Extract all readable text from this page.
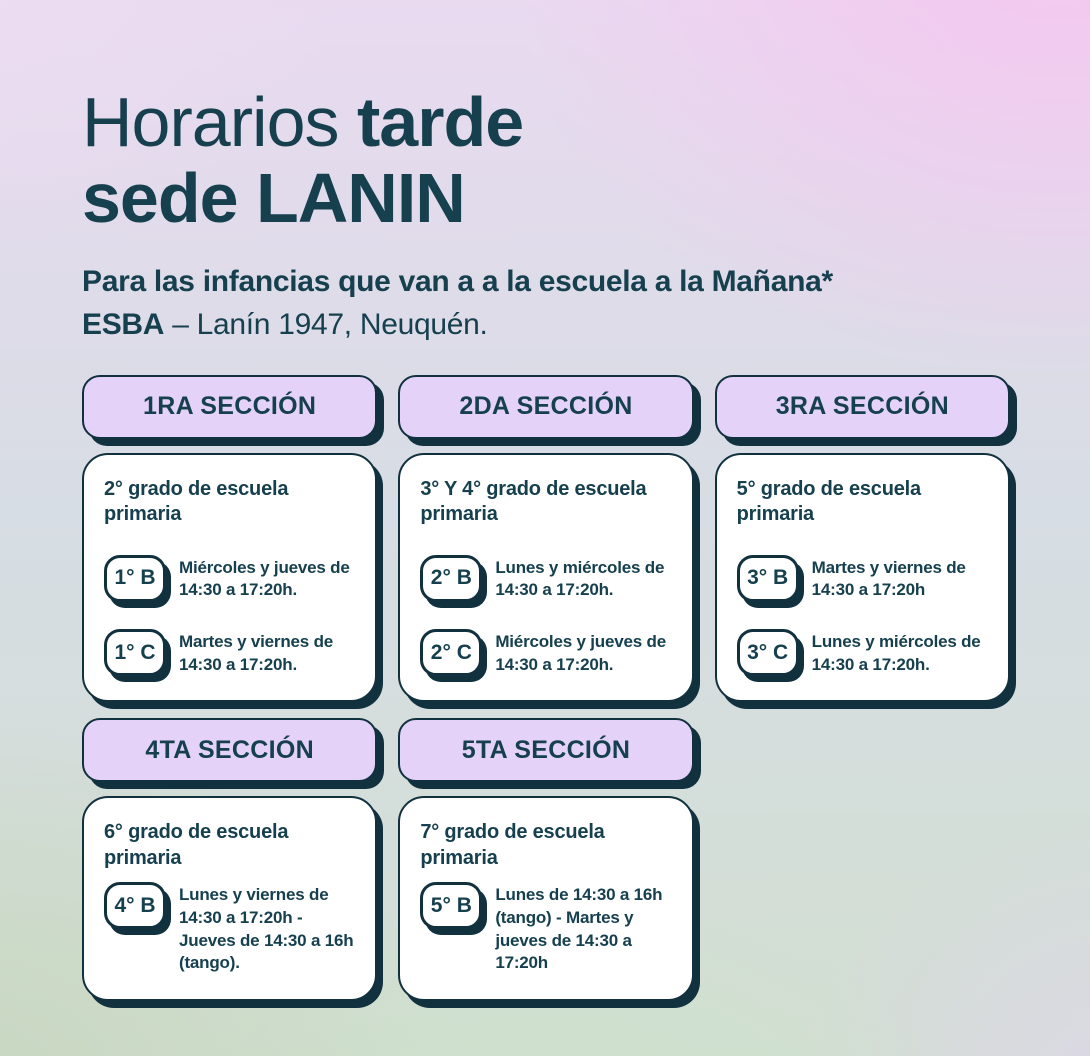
Horarios tarde
sede LANIN

Para las infancias que van a a la escuela a la Mañana*

ESBA – Lanín 1947, Neuquén.

1RA SECCIÓN
2° grado de escuela primaria
1° B	Miércoles y jueves de 14:30 a 17:20h.

1° C	Martes y viernes de 14:30 a 17:20h.

2DA SECCIÓN
3° Y 4° grado de escuela primaria
2° B	Lunes y miércoles de 14:30 a 17:20h.

2° C	Miércoles y jueves de 14:30 a 17:20h.

3RA SECCIÓN
5° grado de escuela primaria
3° B	Martes y viernes de 14:30 a 17:20h

3° C	Lunes y miércoles de 14:30 a 17:20h.

4TA SECCIÓN
6° grado de escuela primaria
4° B	Lunes y viernes de 14:30 a 17:20h - Jueves de 14:30 a 16h (tango).

5TA SECCIÓN
7° grado de escuela primaria
5° B	Lunes de 14:30 a 16h (tango) - Martes y jueves de 14:30 a 17:20h
